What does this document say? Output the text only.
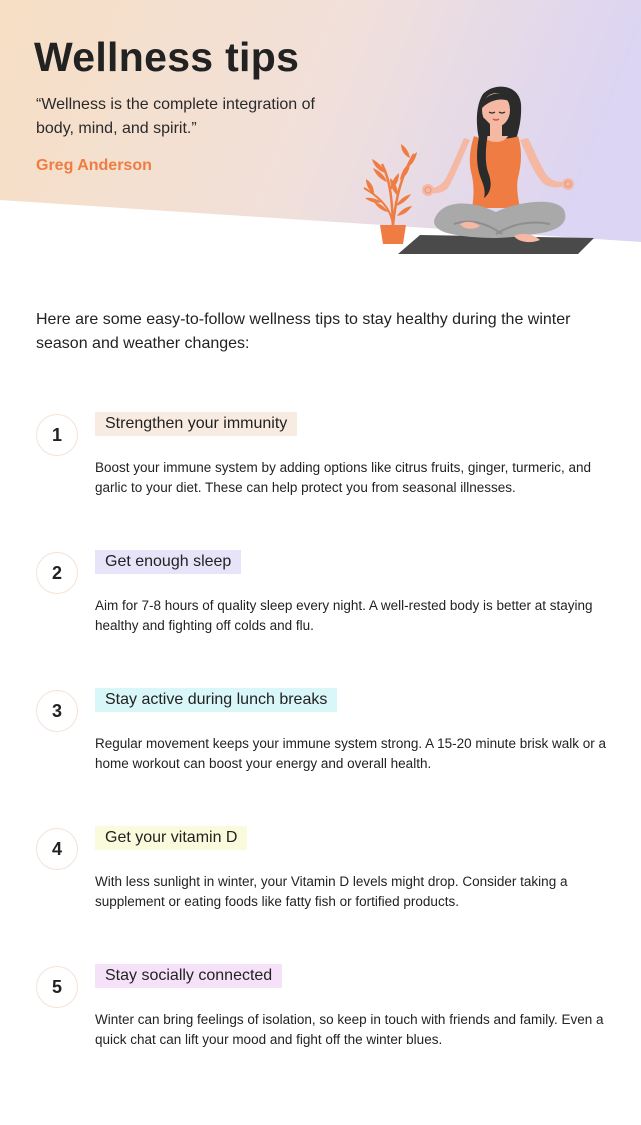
Wellness tips

“Wellness is the complete integration of body, mind, and spirit.”

Greg Anderson

Here are some easy-to-follow wellness tips to stay healthy during the winter season and weather changes:

1
Strengthen your immunity

Boost your immune system by adding options like citrus fruits, ginger, turmeric, and garlic to your diet. These can help protect you from seasonal illnesses.

2
Get enough sleep

Aim for 7-8 hours of quality sleep every night. A well-rested body is better at staying healthy and fighting off colds and flu.

3
Stay active during lunch breaks

Regular movement keeps your immune system strong. A 15-20 minute brisk walk or a home workout can boost your energy and overall health.

4
Get your vitamin D

With less sunlight in winter, your Vitamin D levels might drop. Consider taking a supplement or eating foods like fatty fish or fortified products.

5
Stay socially connected

Winter can bring feelings of isolation, so keep in touch with friends and family. Even a quick chat can lift your mood and fight off the winter blues.
